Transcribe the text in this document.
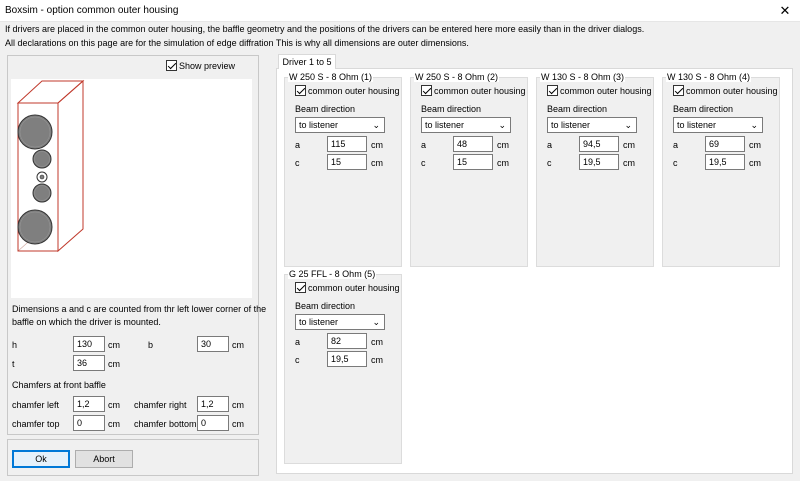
Boxsim - option common outer housing	✕
If drivers are placed in the common outer housing, the baffle geometry and the positions of the drivers can be entered here more easily than in the driver dialogs.
All declarations on this page are for the simulation of edge diffration This is why all dimensions are outer dimensions.
Show preview
Dimensions a and c are counted from thr left lower corner of the
baffle on which the driver is mounted.
h	130	cm	b	30	cm
t	36	cm
Chamfers at front baffle
chamfer left	1,2	cm chamfer right	1,2	cm
chamfer top	0	cm chamfer bottom 0	cm
Ok	Abort
Driver 1 to 5
W 250 S - 8 Ohm (1)
common outer housing
Beam direction
to listener	⌄
a	115	cm
c	15	cm
W 250 S - 8 Ohm (2)
common outer housing
Beam direction
to listener	⌄
a	48	cm
c	15	cm
W 130 S - 8 Ohm (3)
common outer housing
Beam direction
to listener	⌄
a	94,5	cm
c	19,5	cm
W 130 S - 8 Ohm (4)
common outer housing
Beam direction
to listener	⌄
a	69	cm
c	19,5	cm
G 25 FFL - 8 Ohm (5)
common outer housing
Beam direction
to listener	⌄
a	82	cm
c	19,5	cm
